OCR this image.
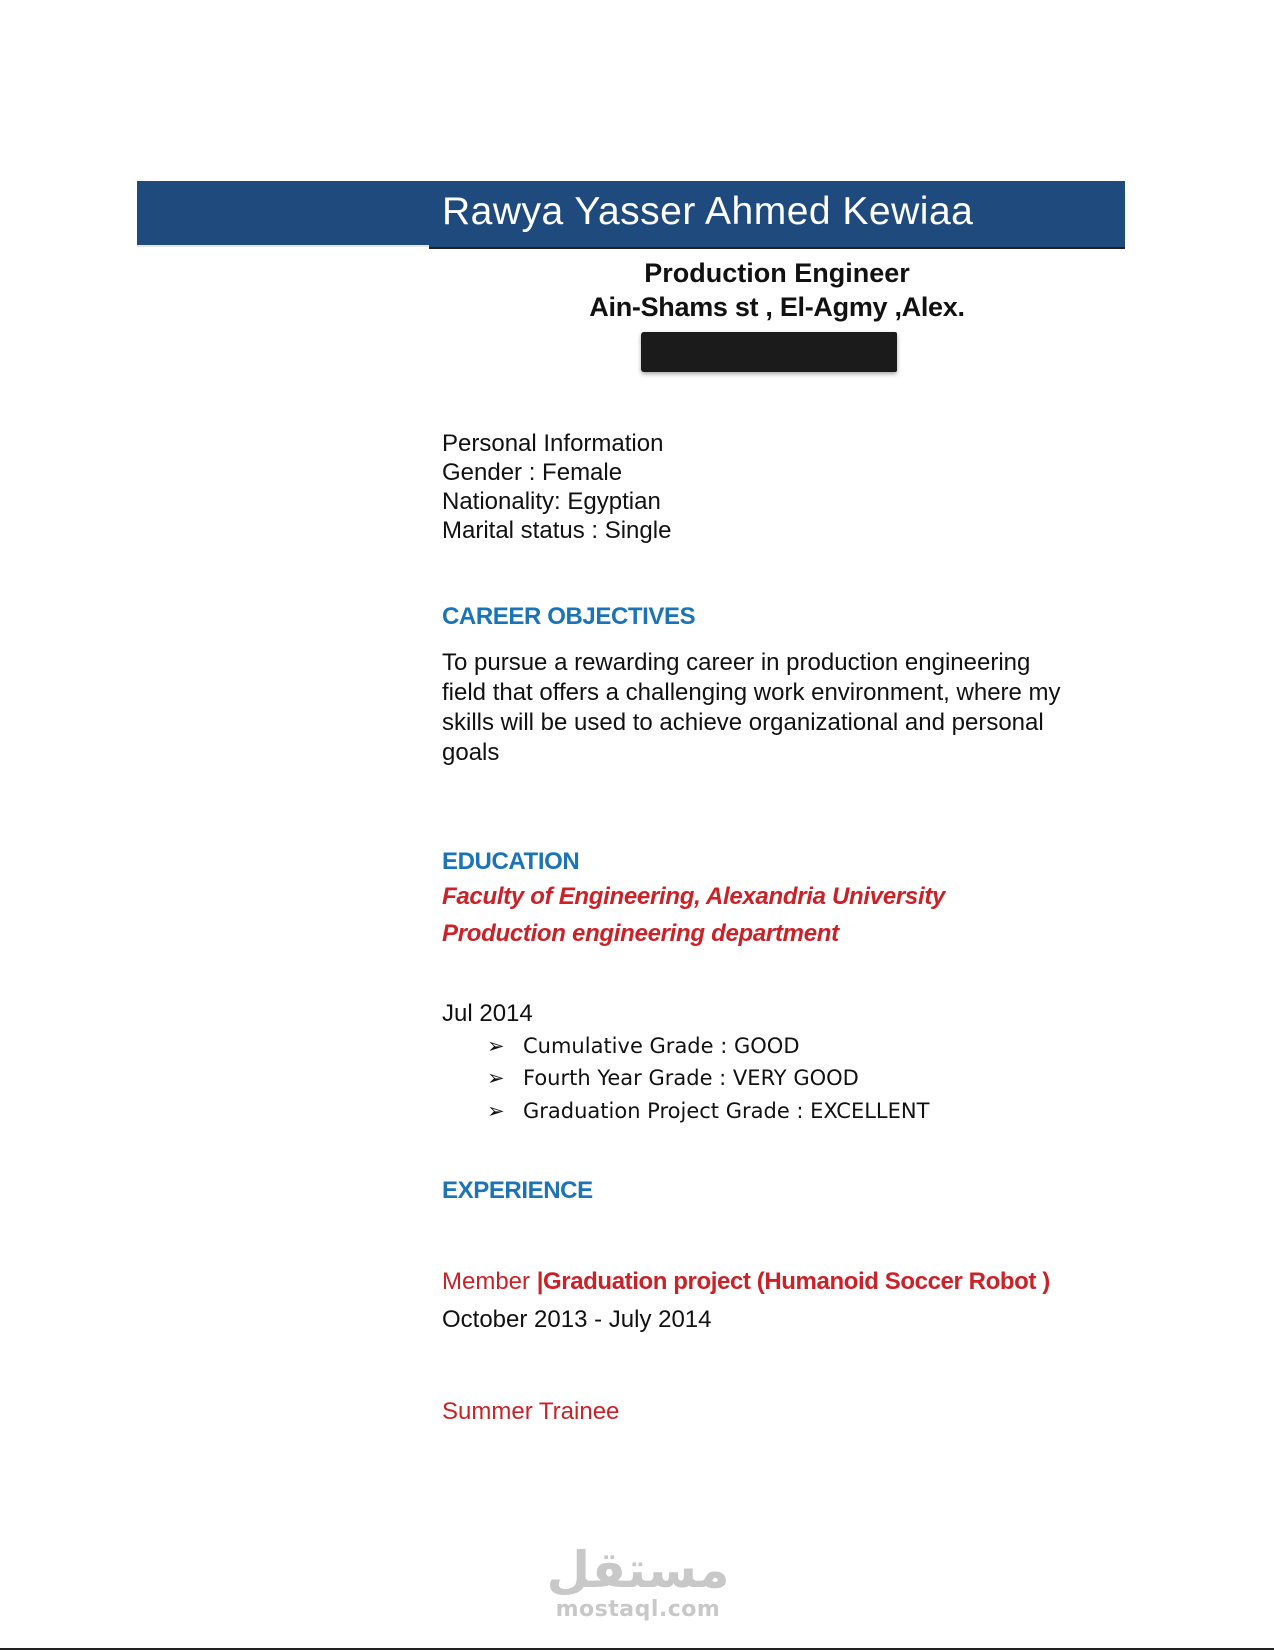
Rawya Yasser Ahmed Kewiaa
Production Engineer
Ain-Shams st , El-Agmy ,Alex.
Personal Information
Gender : Female
Nationality: Egyptian
Marital status : Single
CAREER OBJECTIVES
To pursue a rewarding career in production engineering
field that offers a challenging work environment, where my
skills will be used to achieve organizational and personal
goals
EDUCATION
Faculty of Engineering, Alexandria University
Production engineering department
Jul 2014
➢ Cumulative Grade : GOOD
➢ Fourth Year Grade : VERY GOOD
➢ Graduation Project Grade : EXCELLENT
EXPERIENCE
Member |Graduation project (Humanoid Soccer Robot )
October 2013 - July 2014
Summer Trainee
مستقل
mostaql.com
